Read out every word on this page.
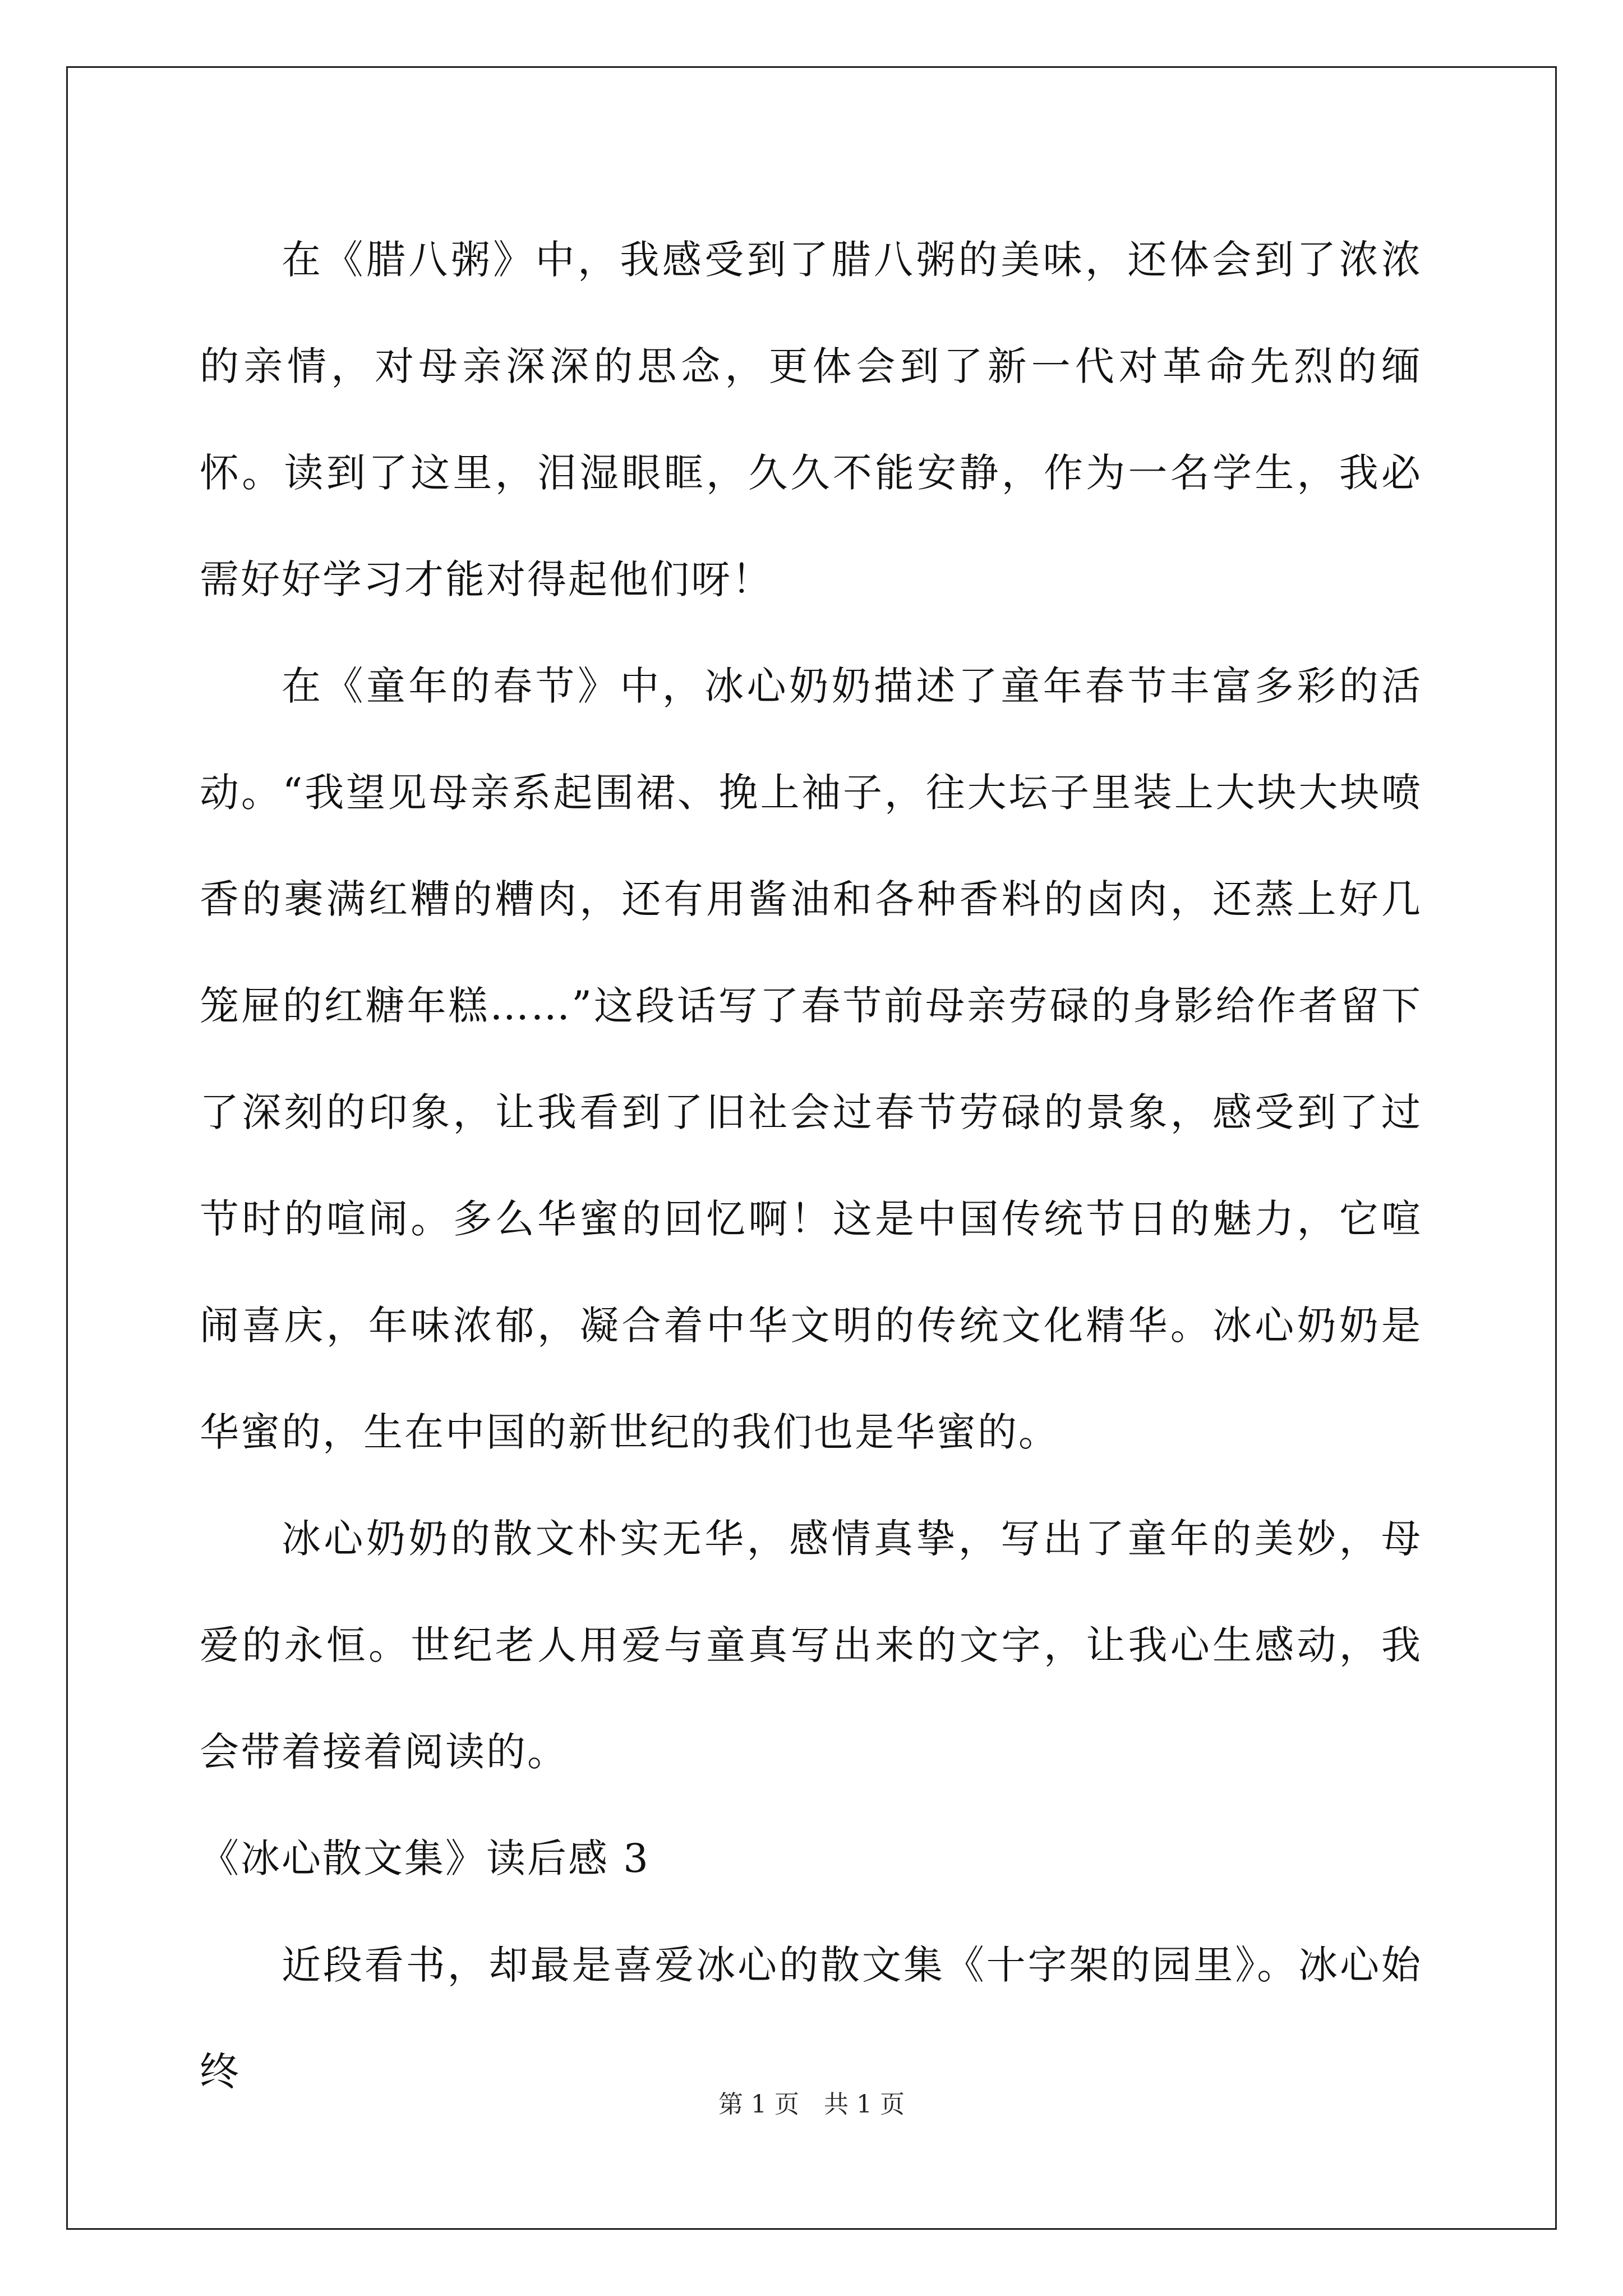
在《腊八粥》中，我感受到了腊八粥的美味，还体会到了浓浓的亲情，对母亲深深的思念，更体会到了新一代对革命先烈的缅怀。读到了这里，泪湿眼眶，久久不能安静，作为一名学生，我必需好好学习才能对得起他们呀！

在《童年的春节》中，冰心奶奶描述了童年春节丰富多彩的活动。“我望见母亲系起围裙、挽上袖子，往大坛子里装上大块大块喷香的裹满红糟的糟肉，还有用酱油和各种香料的卤肉，还蒸上好几笼屉的红糖年糕……”这段话写了春节前母亲劳碌的身影给作者留下了深刻的印象，让我看到了旧社会过春节劳碌的景象，感受到了过节时的喧闹。多么华蜜的回忆啊！这是中国传统节日的魅力，它喧闹喜庆，年味浓郁，凝合着中华文明的传统文化精华。冰心奶奶是华蜜的，生在中国的新世纪的我们也是华蜜的。

冰心奶奶的散文朴实无华，感情真挚，写出了童年的美妙，母爱的永恒。世纪老人用爱与童真写出来的文字，让我心生感动，我会带着接着阅读的。

《冰心散文集》读后感 3

近段看书，却最是喜爱冰心的散文集《十字架的园里》。冰心始终

第 1 页　共 1 页
